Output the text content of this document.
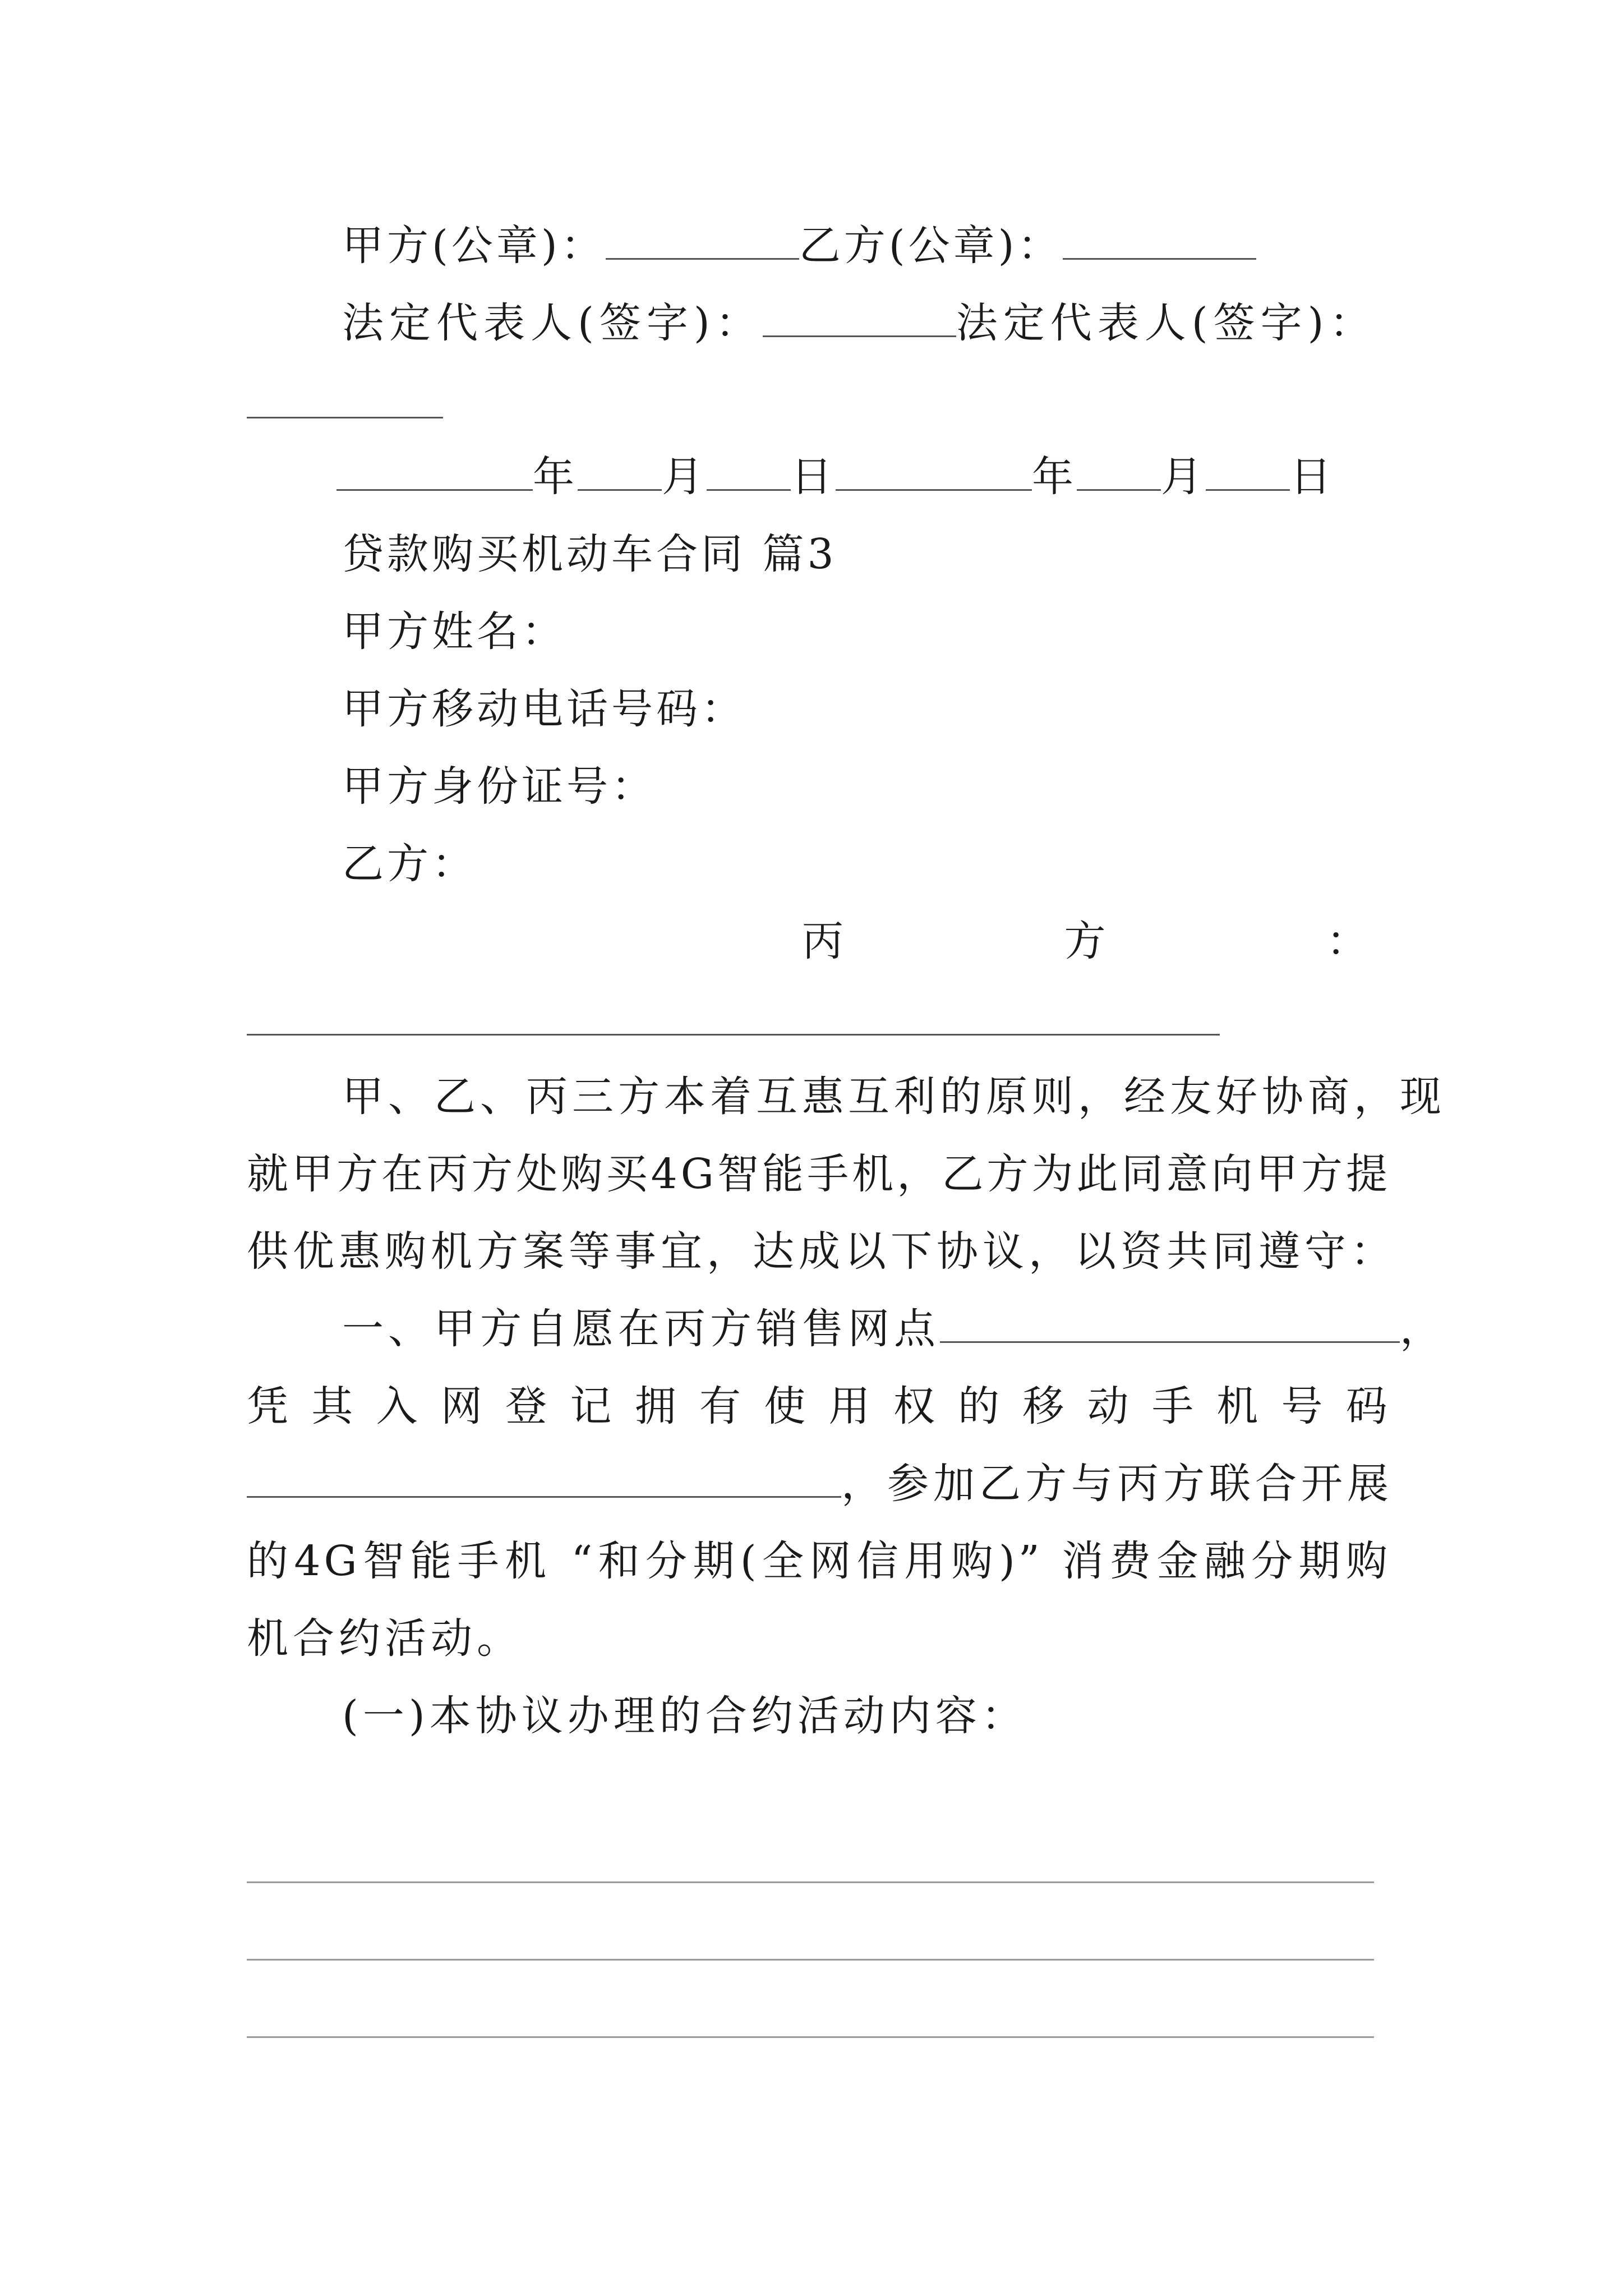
甲方(公章)：	乙方(公章)：
法定代表人(签字)：	法定代表人(签字)：
年 月 日	年 月 日
贷款购买机动车合同 篇3
甲方姓名：
甲方移动电话号码：
甲方身份证号：
乙方：
丙	方	：
甲、乙、丙三方本着互惠互利的原则，经友好协商，现
就甲方在丙方处购买4G智能手机，乙方为此同意向甲方提
供优惠购机方案等事宜，达成以下协议，以资共同遵守：
一、甲方自愿在丙方销售网点	，
凭 其 入 网 登 记 拥 有 使 用 权 的 移 动 手 机 号 码
，参加乙方与丙方联合开展
的4G智能手机 “和分期(全网信用购)” 消费金融分期购
机合约活动。
(一)本协议办理的合约活动内容：
